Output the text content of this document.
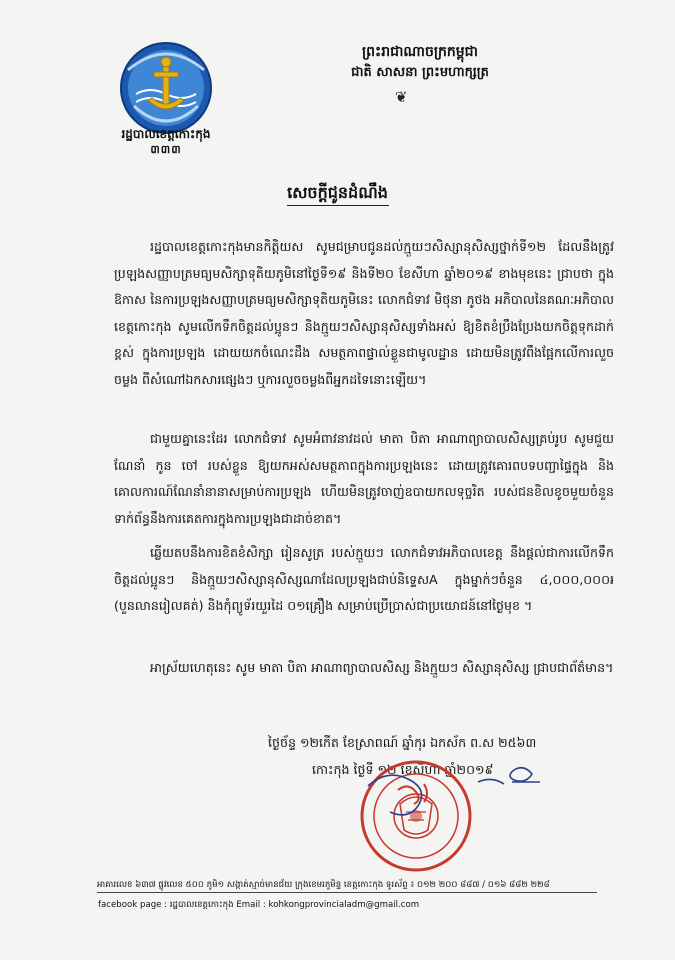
រដ្ឋបាលខេត្តកោះកុង
៣៣៣
ព្រះរាជាណាចក្រកម្ពុជា
ជាតិ សាសនា ព្រះមហាក្សត្រ
❦
សេចក្តីជូនដំណឹង
រដ្ឋបាលខេត្តកោះកុងមានកិត្តិយស សូមជម្រាបជូនដល់ក្មួយៗសិស្សានុសិស្សថ្នាក់ទី១២ ដែលនឹងត្រូវប្រឡងសញ្ញាបត្រមធ្យមសិក្សាទុតិយភូមិនៅថ្ងៃទី១៩ និងទី២០ ខែសីហា ឆ្នាំ២០១៩ ខាងមុខនេះ ជ្រាបថា ក្នុងឱកាស នៃការប្រឡងសញ្ញាបត្រមធ្យមសិក្សាទុតិយភូមិនេះ លោកជំទាវ មិថុនា ភូថង អភិបាលនៃគណៈអភិបាលខេត្តកោះកុង សូមលើកទឹកចិត្តដល់ប្អូនៗ និងក្មួយៗសិស្សានុសិស្សទាំងអស់ ឱ្យខិតខំប្រឹងប្រែងយកចិត្តទុកដាក់ខ្ពស់ ក្នុងការប្រឡង ដោយយកចំណេះដឹង សមត្ថភាពផ្ទាល់ខ្លួនជាមូលដ្ឋាន ដោយមិនត្រូវពឹងផ្អែកលើការលួចចម្លង ពីសំណៅឯកសារផ្សេងៗ ឬការលួចចម្លងពីអ្នកដទៃនោះឡើយ។
ជាមួយគ្នានេះដែរ លោកជំទាវ សូមអំពាវនាវដល់ មាតា បិតា អាណាព្យាបាលសិស្សគ្រប់រូប សូមជួយណែនាំ កូន ចៅ របស់ខ្លួន ឱ្យយកអស់សមត្ថភាពក្នុងការប្រឡងនេះ ដោយត្រូវគោរពបទបញ្ជាផ្ទៃក្នុង និងគោលការណ៍ណែនាំនានាសម្រាប់ការប្រឡង ហើយមិនត្រូវចាញ់ឧបាយកលទុច្ចរិត របស់ជនខិលខូចមួយចំនួនទាក់ព័ន្ធនឹងការគេតការក្នុងការប្រឡងជាដាច់ខាត។
ឆ្លើយតបនឹងការខិតខំសិក្សា រៀនសូត្រ របស់ក្មួយៗ លោកជំទាវអភិបាលខេត្ត នឹងផ្តល់ជាការលើកទឹកចិត្តដល់ប្អូនៗ និងក្មួយៗសិស្សានុសិស្សណាដែលប្រឡងជាប់និទ្ទេសA ក្នុងម្នាក់ៗចំនួន ៤,០០០,០០០៛ (បួនលានរៀលគត់) និងកុំព្យូទ័រយួរដៃ ០១គ្រឿង សម្រាប់ប្រើប្រាស់ជាប្រយោជន៍នៅថ្ងៃមុខ ។
អាស្រ័យហេតុនេះ សូម មាតា បិតា អាណាព្យាបាលសិស្ស និងក្មួយៗ សិស្សានុសិស្ស ជ្រាបជាព័ត៌មាន។
ថ្ងៃច័ន្ទ ១២កើត ខែស្រាពណ៍ ឆ្នាំកុរ ឯកស័ក ព.ស ២៥៦៣
កោះកុង ថ្ងៃទី ១២ ខែសីហា ឆ្នាំ២០១៩
អាគារលេខ ៦៣៧ ផ្លូវលេខ ៥០០ ភូមិ១ សង្កាត់ស្មាច់មានជ័យ ក្រុងខេមរភូមិន្ទ ខេត្តកោះកុង ទូរស័ព្ទ ៖ ០១២ ២០០ ៨៨៧ / ០១៦ ៨៨២ ២២៨
facebook page : រដ្ឋបាលខេត្តកោះកុង Email : kohkongprovincialadm@gmail.com
